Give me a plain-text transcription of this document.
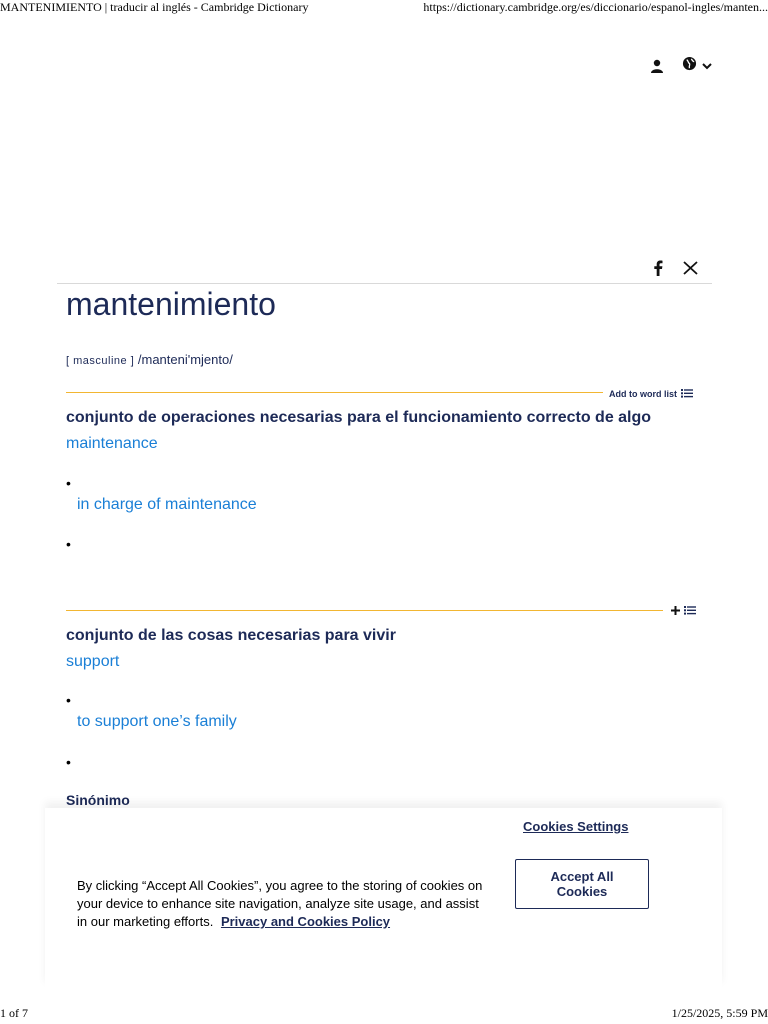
MANTENIMIENTO | traducir al inglés - Cambridge Dictionary	https://dictionary.cambridge.org/es/diccionario/espanol-ingles/manten...
mantenimiento
[ masculine ] /manteni'mjento/
Add to word list
conjunto de operaciones necesarias para el funcionamiento correcto de algo
maintenance
•
in charge of maintenance
•
conjunto de las cosas necesarias para vivir
support
•
to support one’s family
•
Sinónimo
Cookies Settings
By clicking “Accept All Cookies”, you agree to the storing of cookies on your device to enhance site navigation, analyze site usage, and assist in our marketing efforts. Privacy and Cookies Policy
Accept All Cookies
1 of 7	1/25/2025, 5:59 PM
